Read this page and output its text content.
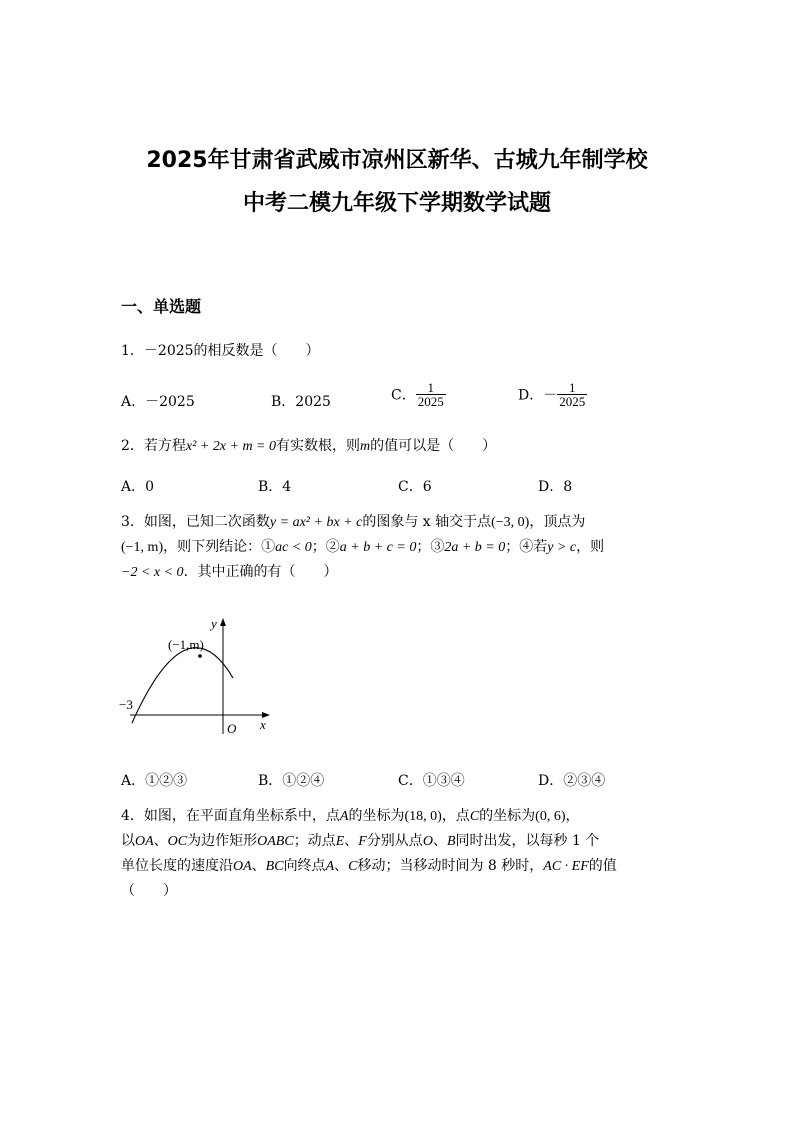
2025年甘肃省武威市凉州区新华、古城九年制学校
中考二模九年级下学期数学试题
一、单选题
1．－2025的相反数是（　　）
A．－2025	B．2025	C． $\frac{1}{2025}$	D．－ $\frac{1}{2025}$
2．若方程x² + 2x + m = 0有实数根，则m的值可以是（　　）
A．0	B．4	C．6	D．8
3．如图，已知二次函数y = ax² + bx + c的图象与 x 轴交于点(−3, 0)，顶点为
(−1, m)，则下列结论：①ac < 0；②a + b + c = 0；③2a + b = 0；④若y > c，则
−2 < x < 0．其中正确的有（　　）
y
x
O
(−1,m)
−3
A．①②③	B．①②④	C．①③④	D．②③④
4．如图，在平面直角坐标系中，点A的坐标为(18, 0)，点C的坐标为(0, 6)，
以OA、OC为边作矩形OABC；动点E、F分别从点O、B同时出发，以每秒 1 个
单位长度的速度沿OA、BC向终点A、C移动；当移动时间为 8 秒时，AC · EF的值
（　　）
